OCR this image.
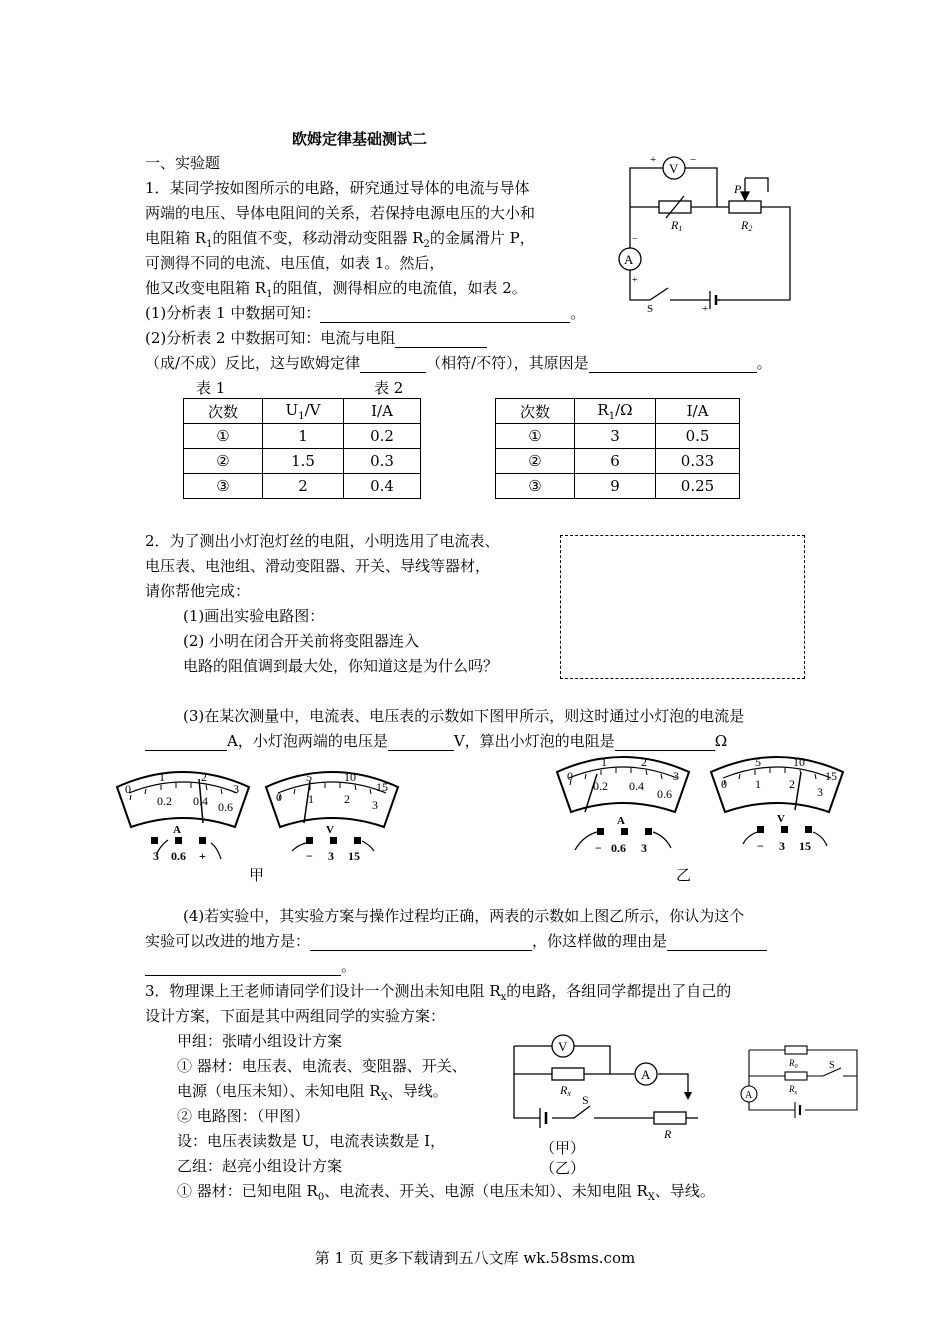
欧姆定律基础测试二
一、实验题
1．某同学按如图所示的电路，研究通过导体的电流与导体
两端的电压、导体电阻间的关系，若保持电源电压的大小和
电阻箱 $R_1$的阻值不变，移动滑动变阻器 $R_2$的金属滑片 P，
可测得不同的电流、电压值，如表 1。然后，
他又改变电阻箱 $R_1$的阻值，测得相应的电流值，如表 2。
(1)分析表 1 中数据可知：	。
(2)分析表 2 中数据可知：电流与电阻
（成/不成）反比，这与欧姆定律	（相符/不符），其原因是	。
V
+	−
A
−
+
R1	R2
P
S	+
表 1	表 2
次数	$U_1/V$	I/A
①	1	0.2
②	1.5	0.3
③	2	0.4
次数	$R_1/\Omega$	I/A
①	3	0.5
②	6	0.33
③	9	0.25
2．为了测出小灯泡灯丝的电阻，小明选用了电流表、
电压表、电池组、滑动变阻器、开关、导线等器材，
请你帮他完成：
(1)画出实验电路图：
(2) 小明在闭合开关前将变阻器连入
电路的阻值调到最大处，你知道这是为什么吗？
(3)在某次测量中，电流表、电压表的示数如下图甲所示，则这时通过小灯泡的电流是
A，小灯泡两端的电压是	V，算出小灯泡的电阻是	Ω
0
1	2
3
0.2 0.4 0.6
A
3 0.6 +
5	10
15
0 1	2 3
V
− 3 15
0
1	2
3
0.2 0.4
0.6
A
− 0.6 3
5	10
15
0 1 2
3
V
− 3 15
甲	乙
(4)若实验中，其实验方案与操作过程均正确，两表的示数如上图乙所示，你认为这个
实验可以改进的地方是：	，你这样做的理由是
。
3．物理课上王老师请同学们设计一个测出未知电阻 $R_x$的电路，各组同学都提出了自己的
设计方案，下面是其中两组同学的实验方案：
甲组：张晴小组设计方案
① 器材：电压表、电流表、变阻器、开关、
电源（电压未知）、未知电阻 $R_X$、导线。
② 电路图：（甲图）
设：电压表读数是 U，电流表读数是 I，
乙组：赵亮小组设计方案
① 器材：已知电阻 $R_0$、电流表、开关、电源（电压未知）、未知电阻 $R_X$、导线。
V
A
Rx S
R
A
$R_0$
$R_x$
S
（甲）
（乙）
第 1 页 更多下载请到五八文库 wk.58sms.com
